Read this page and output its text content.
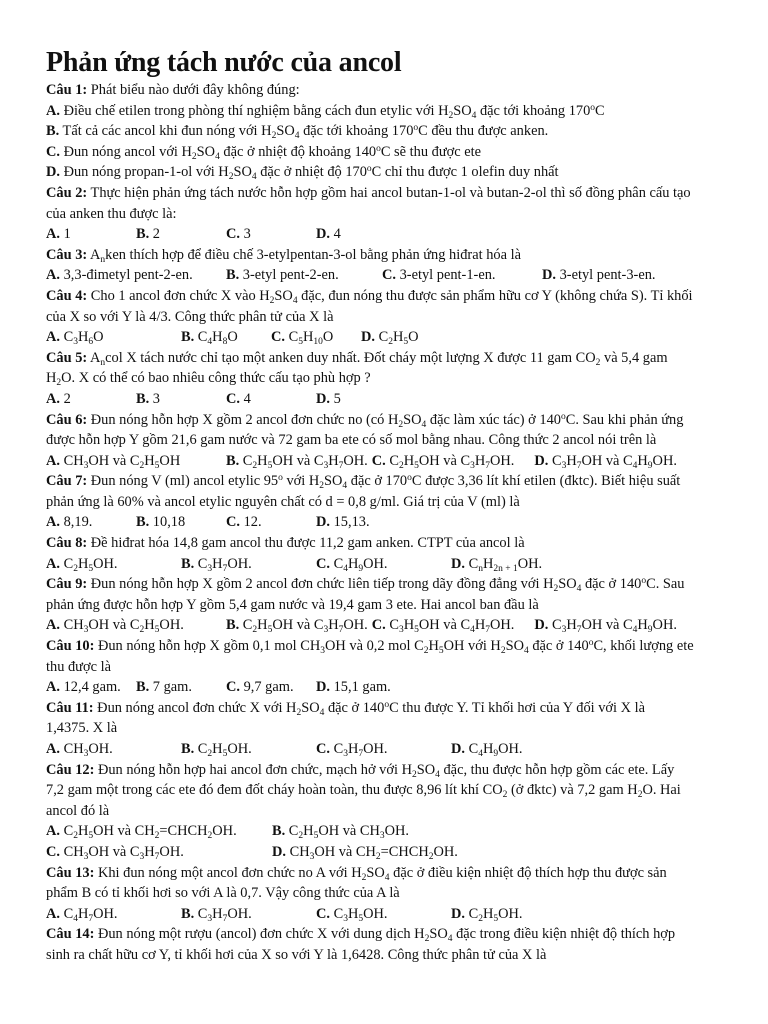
Phản ứng tách nước của ancol
Câu 1: Phát biểu nào dưới đây không đúng:
A. Điều chế etilen trong phòng thí nghiệm bằng cách đun etylic với $H_2SO_4$ đặc tới khoảng 170$^o$C
B. Tất cả các ancol khi đun nóng với $H_2SO_4$ đặc tới khoảng 170$^o$C đều thu được anken.
C. Đun nóng ancol với $H_2SO_4$ đặc ở nhiệt độ khoảng 140$^o$C sẽ thu được ete
D. Đun nóng propan-1-ol với $H_2SO_4$ đặc ở nhiệt độ 170$^o$C chỉ thu được 1 olefin duy nhất
Câu 2: Thực hiện phản ứng tách nước hỗn hợp gồm hai ancol butan-1-ol và butan-2-ol thì số đồng phân cấu tạo
của anken thu được là:
A. 1	B. 2	C. 3	D. 4
Câu 3: $A_nken$ thích hợp để điều chế 3-etylpentan-3-ol bằng phản ứng hiđrat hóa là
A. 3,3-đimetyl pent-2-en.	B. 3-etyl pent-2-en.	C. 3-etyl pent-1-en.	D. 3-etyl pent-3-en.
Câu 4: Cho 1 ancol đơn chức X vào $H_2SO_4$ đặc, đun nóng thu được sản phẩm hữu cơ Y (không chứa S). Tỉ khối
của X so với Y là 4/3. Công thức phân tử của X là
A. $C_3H_6O$	B. $C_4H_8O$	C. $C_5H_{10}O$	D. $C_2H_5O$
Câu 5: $A_ncol$ X tách nước chỉ tạo một anken duy nhất. Đốt cháy một lượng X được 11 gam $CO_2$ và 5,4 gam
$H_2O$. X có thể có bao nhiêu công thức cấu tạo phù hợp ?
A. 2	B. 3	C. 4	D. 5
Câu 6: Đun nóng hỗn hợp X gồm 2 ancol đơn chức no (có $H_2SO_4$ đặc làm xúc tác) ở 140$^o$C. Sau khi phản ứng
được hỗn hợp Y gồm 21,6 gam nước và 72 gam ba ete có số mol bằng nhau. Công thức 2 ancol nói trên là
A. $CH_3OH$ và $C_2H_5OH$	B. $C_2H_5OH$ và $C_3H_7OH$. C. $C_2H_5OH$ và $C_3H_7OH$. D. $C_3H_7OH$ và $C_4H_9OH$.
Câu 7: Đun nóng V (ml) ancol etylic 95$^o$ với $H_2SO_4$ đặc ở 170$^o$C được 3,36 lít khí etilen (đktc). Biết hiệu suất
phản ứng là 60% và ancol etylic nguyên chất có d = 0,8 g/ml. Giá trị của V (ml) là
A. 8,19.	B. 10,18	C. 12.	D. 15,13.
Câu 8: Đề hiđrat hóa 14,8 gam ancol thu được 11,2 gam anken. CTPT của ancol là
A. $C_2H_5OH$.	B. $C_3H_7OH$.	C. $C_4H_9OH$.	D. $C_nH_{2n + 1}OH$.
Câu 9: Đun nóng hỗn hợp X gồm 2 ancol đơn chức liên tiếp trong dãy đồng đẳng với $H_2SO_4$ đặc ở 140$^o$C. Sau
phản ứng được hỗn hợp Y gồm 5,4 gam nước và 19,4 gam 3 ete. Hai ancol ban đầu là
A. $CH_3OH$ và $C_2H_5OH$.	B. $C_2H_5OH$ và $C_3H_7OH$. C. $C_3H_5OH$ và $C_4H_7OH$. D. $C_3H_7OH$ và $C_4H_9OH$.
Câu 10: Đun nóng hỗn hợp X gồm 0,1 mol $CH_3OH$ và 0,2 mol $C_2H_5OH$ với $H_2SO_4$ đặc ở 140$^o$C, khối lượng ete
thu được là
A. 12,4 gam.	B. 7 gam.	C. 9,7 gam.	D. 15,1 gam.
Câu 11: Đun nóng ancol đơn chức X với $H_2SO_4$ đặc ở 140$^o$C thu được Y. Tỉ khối hơi của Y đối với X là
1,4375. X là
A. $CH_3OH$.	B. $C_2H_5OH$.	C. $C_3H_7OH$.	D. $C_4H_9OH$.
Câu 12: Đun nóng hỗn hợp hai ancol đơn chức, mạch hở với $H_2SO_4$ đặc, thu được hỗn hợp gồm các ete. Lấy
7,2 gam một trong các ete đó đem đốt cháy hoàn toàn, thu được 8,96 lít khí $CO_2$ (ở đktc) và 7,2 gam $H_2O$. Hai
ancol đó là
A. $C_2H_5OH$ và $CH_2=CHCH_2OH$.	B. $C_2H_5OH$ và $CH_3OH$.
C. $CH_3OH$ và $C_3H_7OH$.	D. $CH_3OH$ và $CH_2=CHCH_2OH$.
Câu 13: Khi đun nóng một ancol đơn chức no A với $H_2SO_4$ đặc ở điều kiện nhiệt độ thích hợp thu được sản
phẩm B có tỉ khối hơi so với A là 0,7. Vậy công thức của A là
A. $C_4H_7OH$.	B. $C_3H_7OH$.	C. $C_3H_5OH$.	D. $C_2H_5OH$.
Câu 14: Đun nóng một rượu (ancol) đơn chức X với dung dịch $H_2SO_4$ đặc trong điều kiện nhiệt độ thích hợp
sinh ra chất hữu cơ Y, tỉ khối hơi của X so với Y là 1,6428. Công thức phân tử của X là
